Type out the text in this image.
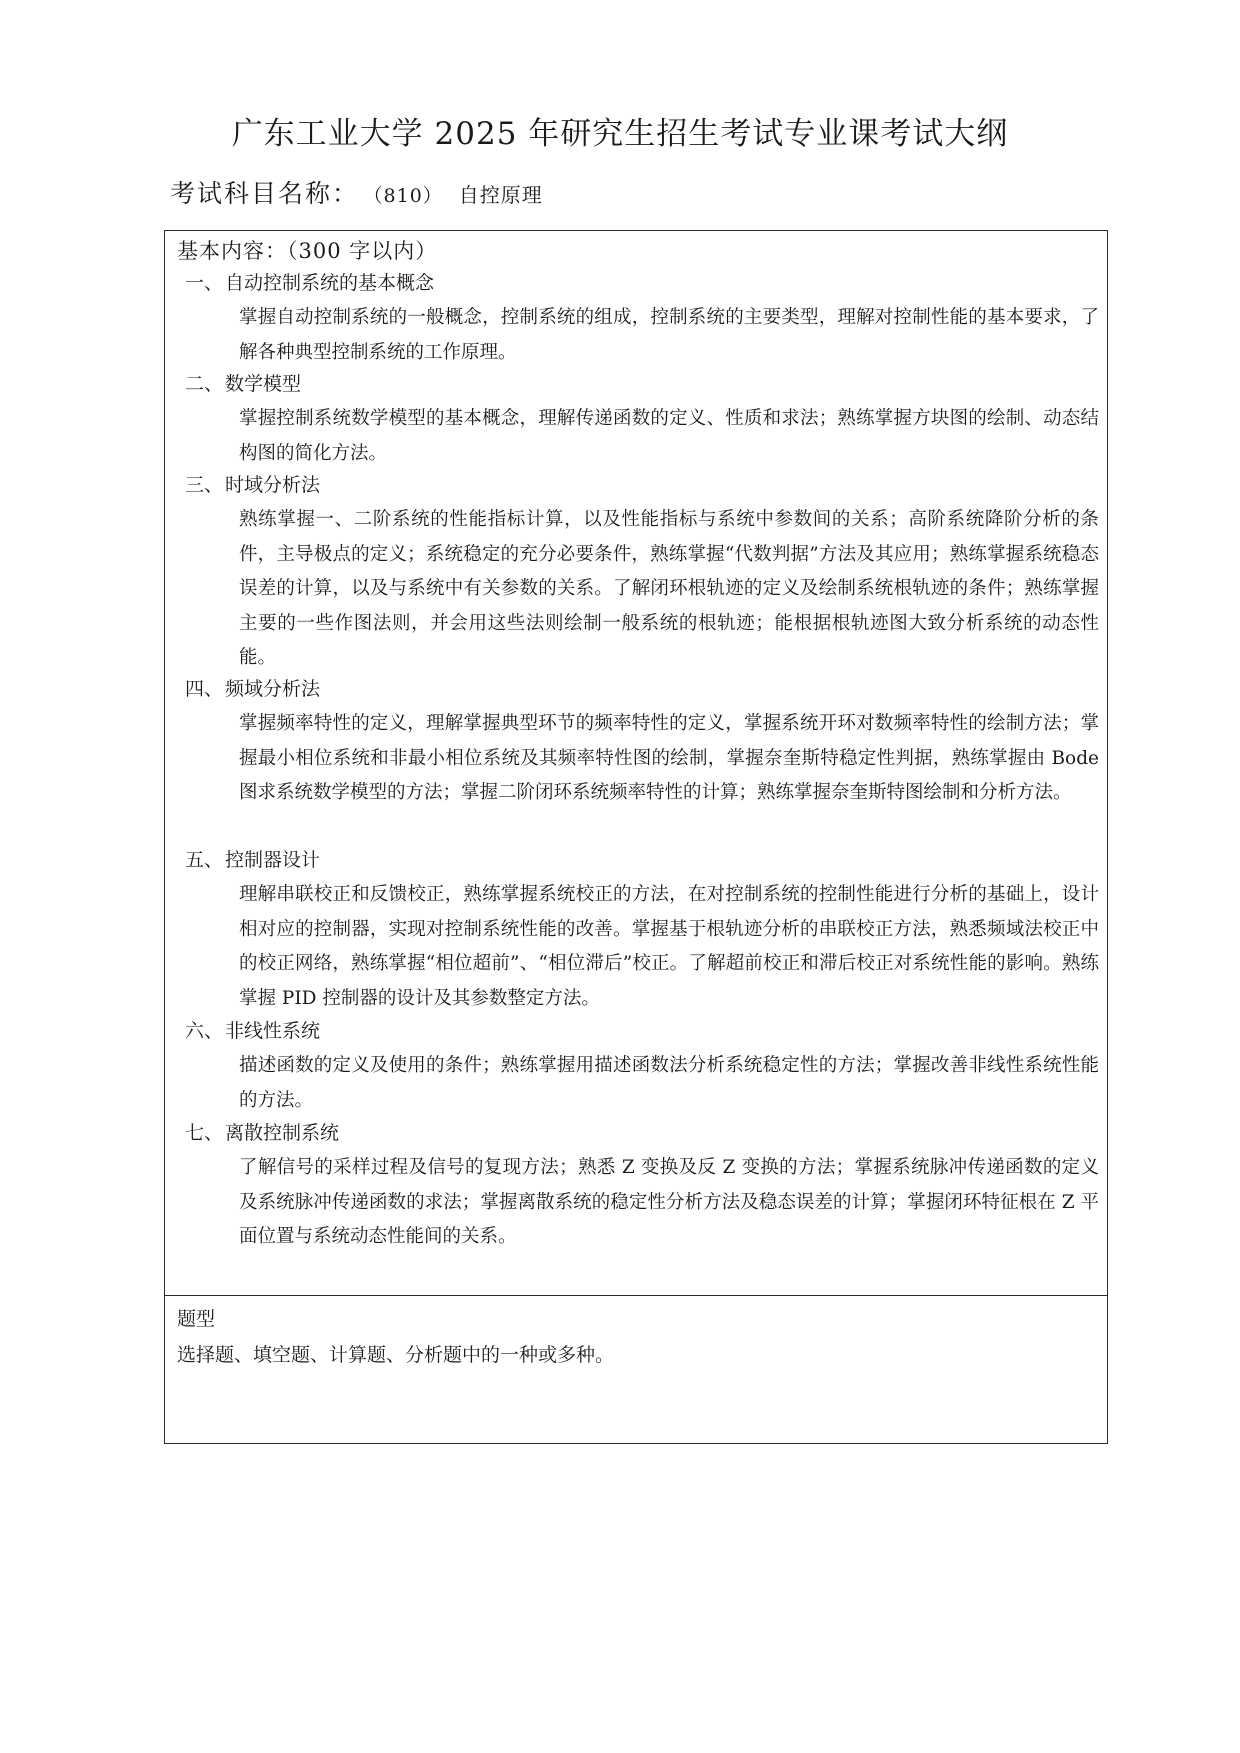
广东工业大学 2025 年研究生招生考试专业课考试大纲
考试科目名称： （810） 自控原理
基本内容：（300 字以内）
一、 自动控制系统的基本概念
掌握自动控制系统的一般概念，控制系统的组成，控制系统的主要类型，理解对控制性能的基本要求，了解各种典型控制系统的工作原理。
二、 数学模型
掌握控制系统数学模型的基本概念，理解传递函数的定义、性质和求法；熟练掌握方块图的绘制、动态结构图的简化方法。
三、 时域分析法
熟练掌握一、二阶系统的性能指标计算，以及性能指标与系统中参数间的关系；高阶系统降阶分析的条件，主导极点的定义；系统稳定的充分必要条件，熟练掌握“代数判据”方法及其应用；熟练掌握系统稳态误差的计算，以及与系统中有关参数的关系。了解闭环根轨迹的定义及绘制系统根轨迹的条件；熟练掌握主要的一些作图法则，并会用这些法则绘制一般系统的根轨迹；能根据根轨迹图大致分析系统的动态性能。
四、 频域分析法
掌握频率特性的定义，理解掌握典型环节的频率特性的定义，掌握系统开环对数频率特性的绘制方法；掌握最小相位系统和非最小相位系统及其频率特性图的绘制，掌握奈奎斯特稳定性判据，熟练掌握由 Bode 图求系统数学模型的方法；掌握二阶闭环系统频率特性的计算；熟练掌握奈奎斯特图绘制和分析方法。
五、 控制器设计
理解串联校正和反馈校正，熟练掌握系统校正的方法，在对控制系统的控制性能进行分析的基础上，设计相对应的控制器，实现对控制系统性能的改善。掌握基于根轨迹分析的串联校正方法，熟悉频域法校正中的校正网络，熟练掌握“相位超前”、“相位滞后”校正。了解超前校正和滞后校正对系统性能的影响。熟练掌握 PID 控制器的设计及其参数整定方法。
六、 非线性系统
描述函数的定义及使用的条件；熟练掌握用描述函数法分析系统稳定性的方法；掌握改善非线性系统性能的方法。
七、 离散控制系统
了解信号的采样过程及信号的复现方法；熟悉 Z 变换及反 Z 变换的方法；掌握系统脉冲传递函数的定义及系统脉冲传递函数的求法；掌握离散系统的稳定性分析方法及稳态误差的计算；掌握闭环特征根在 Z 平面位置与系统动态性能间的关系。
题型
选择题、填空题、计算题、分析题中的一种或多种。
